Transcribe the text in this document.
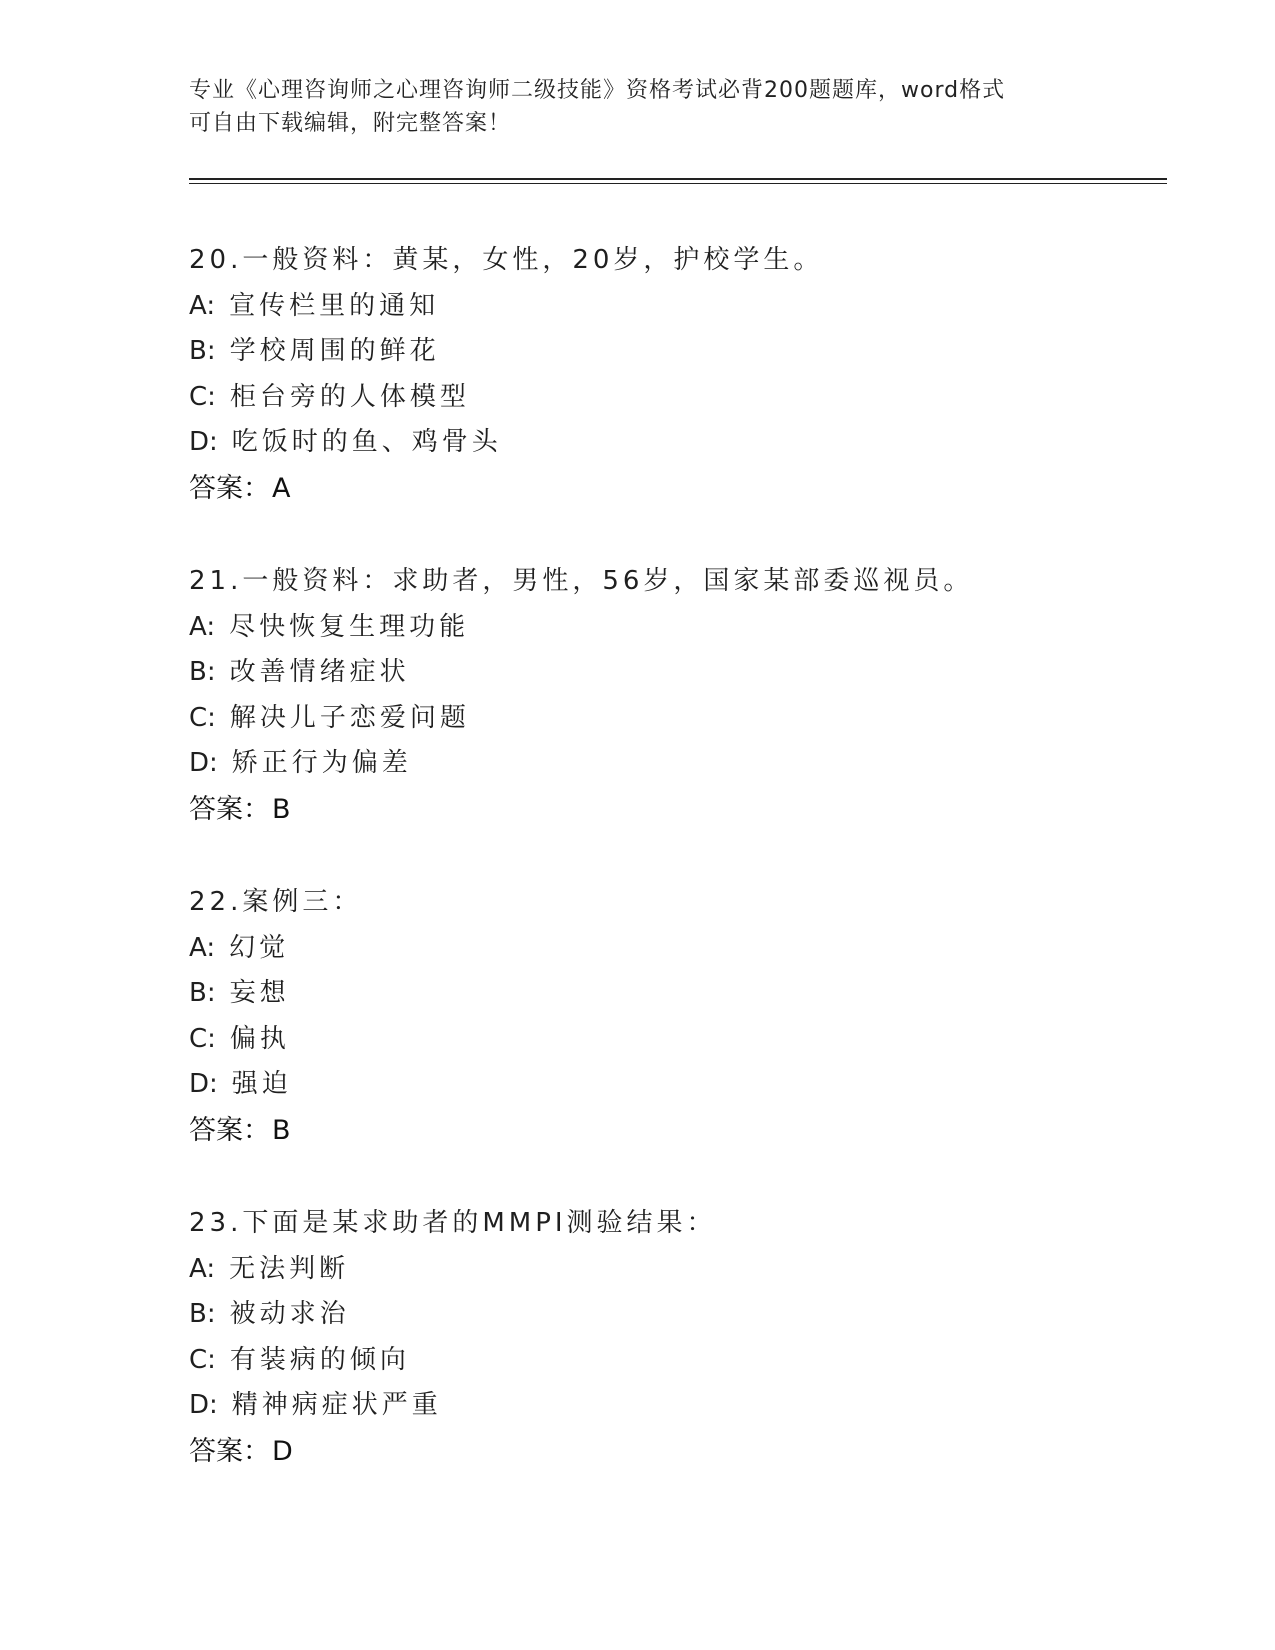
专业《心理咨询师之心理咨询师二级技能》资格考试必背200题题库，word格式
可自由下载编辑，附完整答案！
20.一般资料：黄某，女性，20岁，护校学生。
A: 宣传栏里的通知
B: 学校周围的鲜花
C: 柜台旁的人体模型
D: 吃饭时的鱼、鸡骨头
答案：A
21.一般资料：求助者，男性，56岁，国家某部委巡视员。
A: 尽快恢复生理功能
B: 改善情绪症状
C: 解决儿子恋爱问题
D: 矫正行为偏差
答案：B
22.案例三：
A: 幻觉
B: 妄想
C: 偏执
D: 强迫
答案：B
23.下面是某求助者的MMPI测验结果：
A: 无法判断
B: 被动求治
C: 有装病的倾向
D: 精神病症状严重
答案：D
